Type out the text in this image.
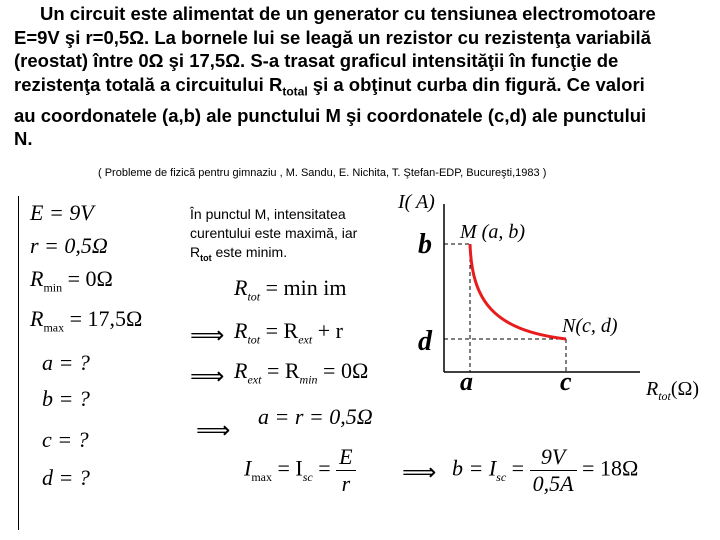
Un circuit este alimentat de un generator cu tensiunea electromotoare

E=9V şi r=0,5Ω. La bornele lui se leagă un rezistor cu rezistenţa variabilă

(reostat) între 0Ω şi 17,5Ω. S-a trasat graficul intensităţii în funcţie de

rezistenţa totală a circuitului $R_{total}$ şi a obţinut curba din figură. Ce valori

au coordonatele (a,b) ale punctului M şi coordonatele (c,d) ale punctului

N.

( Probleme de fizică pentru gimnaziu , M. Sandu, E. Nichita, T. Ştefan-EDP, Bucureşti,1983 )
E = 9V
r = 0,5Ω
$R_{min} = 0\Omega$
$R_{max} = 17,5\Omega$
a = ?
b = ?
c = ?
d = ?
În punctul M, intensitatea
curentului este maximă, iar
$R_{tot}$ este minim.
$R_{tot} = \min$ im
⟹ $R_{tot} = R_{ext} + r$
⟹ $R_{ext} = R_{min} = 0\Omega$
⟹ a = r = 0,5Ω
$I_{max} = I_{sc} = \frac{E}{r}$ ⟹ $b = I_{sc} = \frac{9V}{0,5A} = 18\Omega$
I( A)
M (a, b)
N(c, d)
b
d
a	c	$R_{tot}(\Omega)$
